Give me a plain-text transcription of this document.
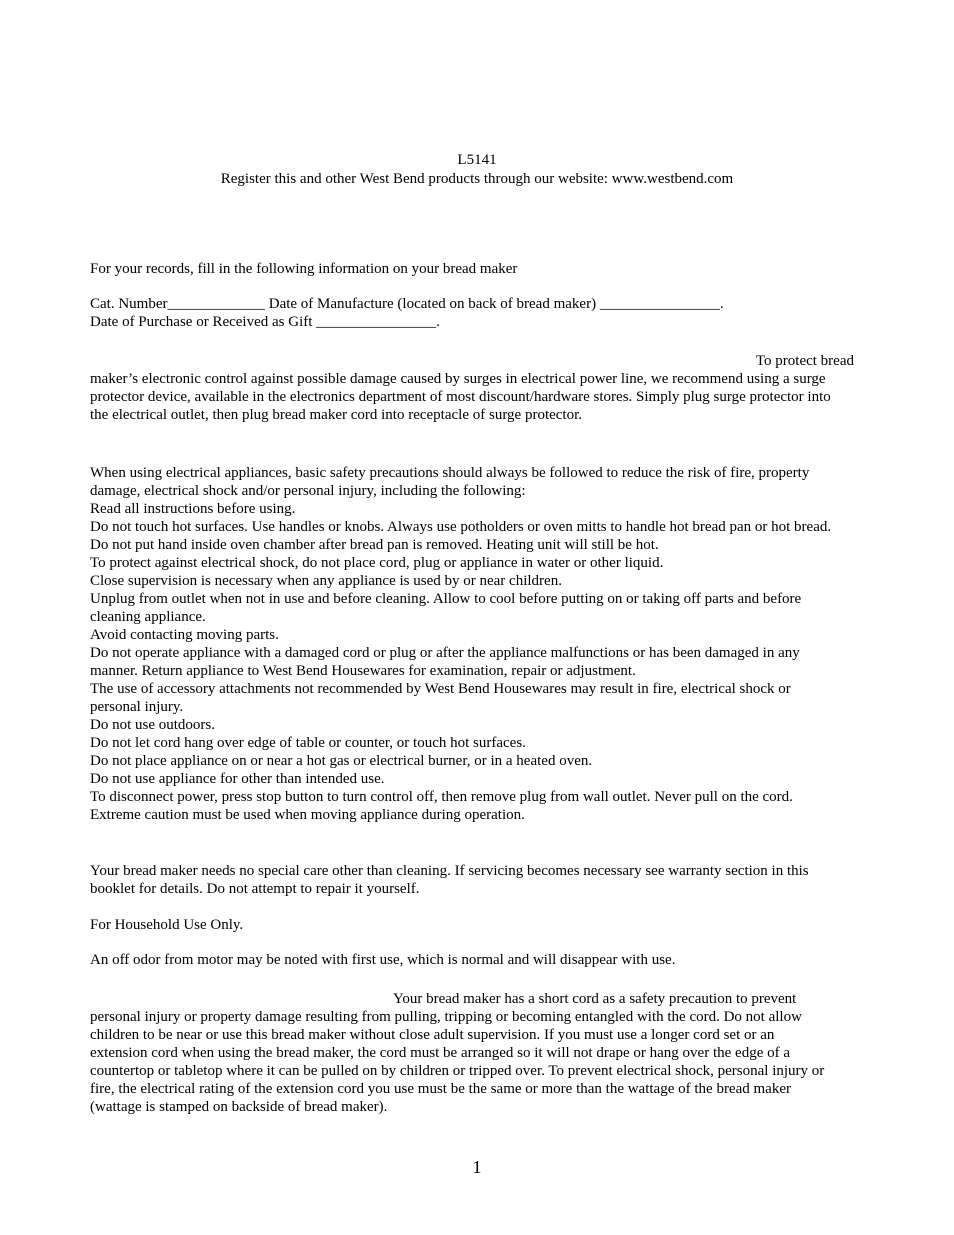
L5141
Register this and other West Bend products through our website: www.westbend.com
For your records, fill in the following information on your bread maker
Cat. Number_____________ Date of Manufacture (located on back of bread maker) ________________.
Date of Purchase or Received as Gift ________________.
To protect bread
maker’s electronic control against possible damage caused by surges in electrical power line, we recommend using a surge
protector device, available in the electronics department of most discount/hardware stores. Simply plug surge protector into
the electrical outlet, then plug bread maker cord into receptacle of surge protector.
When using electrical appliances, basic safety precautions should always be followed to reduce the risk of fire, property
damage, electrical shock and/or personal injury, including the following:
Read all instructions before using.
Do not touch hot surfaces. Use handles or knobs. Always use potholders or oven mitts to handle hot bread pan or hot bread.
Do not put hand inside oven chamber after bread pan is removed. Heating unit will still be hot.
To protect against electrical shock, do not place cord, plug or appliance in water or other liquid.
Close supervision is necessary when any appliance is used by or near children.
Unplug from outlet when not in use and before cleaning. Allow to cool before putting on or taking off parts and before
cleaning appliance.
Avoid contacting moving parts.
Do not operate appliance with a damaged cord or plug or after the appliance malfunctions or has been damaged in any
manner. Return appliance to West Bend Housewares for examination, repair or adjustment.
The use of accessory attachments not recommended by West Bend Housewares may result in fire, electrical shock or
personal injury.
Do not use outdoors.
Do not let cord hang over edge of table or counter, or touch hot surfaces.
Do not place appliance on or near a hot gas or electrical burner, or in a heated oven.
Do not use appliance for other than intended use.
To disconnect power, press stop button to turn control off, then remove plug from wall outlet. Never pull on the cord.
Extreme caution must be used when moving appliance during operation.
Your bread maker needs no special care other than cleaning. If servicing becomes necessary see warranty section in this
booklet for details. Do not attempt to repair it yourself.
For Household Use Only.
An off odor from motor may be noted with first use, which is normal and will disappear with use.
Your bread maker has a short cord as a safety precaution to prevent
personal injury or property damage resulting from pulling, tripping or becoming entangled with the cord. Do not allow
children to be near or use this bread maker without close adult supervision. If you must use a longer cord set or an
extension cord when using the bread maker, the cord must be arranged so it will not drape or hang over the edge of a
countertop or tabletop where it can be pulled on by children or tripped over. To prevent electrical shock, personal injury or
fire, the electrical rating of the extension cord you use must be the same or more than the wattage of the bread maker
(wattage is stamped on backside of bread maker).
1
